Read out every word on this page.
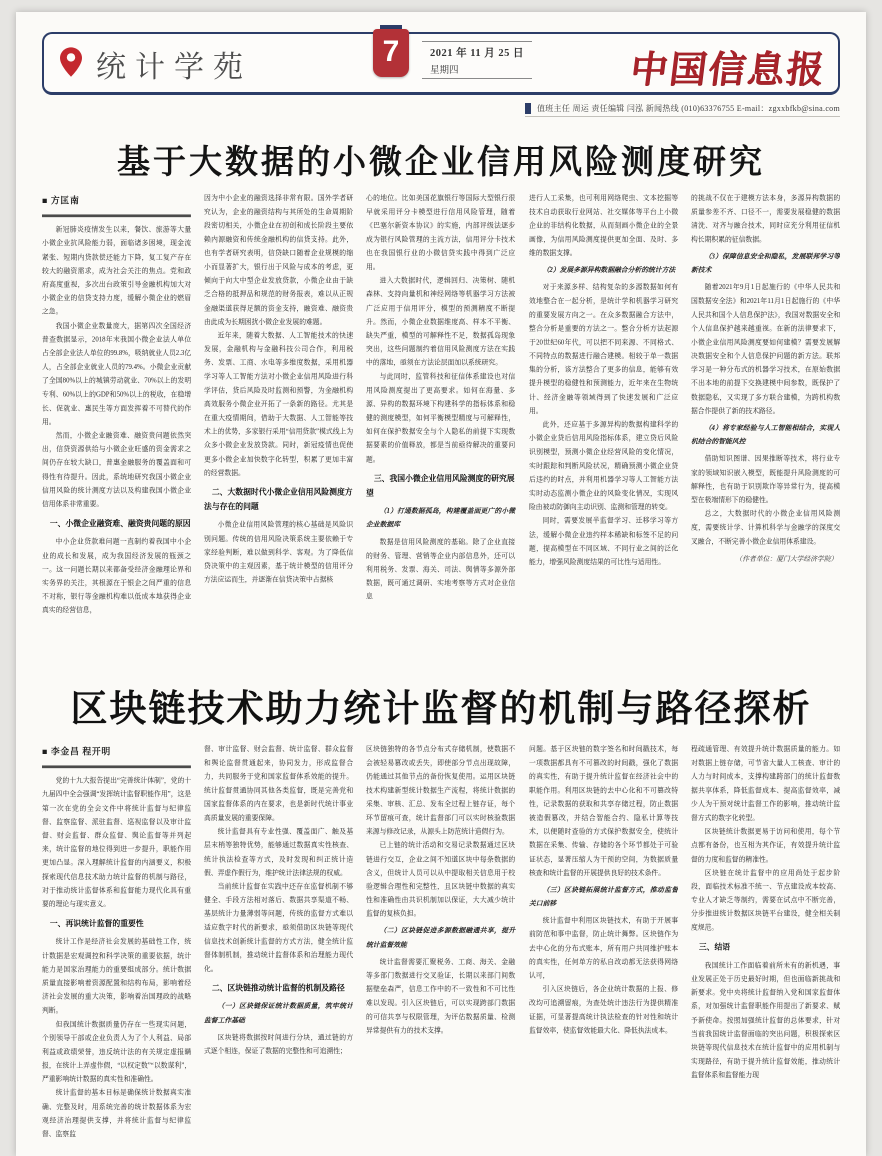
统计学苑	7	2021 年 11 月 25 日
星期四	中国信息报
值班主任 周运 责任编辑 闫泓 新闻热线 (010)63376755 E-mail：zgxxbfkb@sina.com
基于大数据的小微企业信用风险测度研究
■ 方匡南
新冠肺炎疫情发生以来，餐饮、旅游等大量小微企业抗风险能力弱，面临诸多困境，现金流紧张、短期内贷款偿还能力下降，复工复产存在较大的融资需求，成为社会关注的焦点。党和政府高度重视，多次出台政策引导金融机构加大对小微企业的信贷支持力度，缓解小微企业的燃眉之急。
我国小微企业数量庞大，据第四次全国经济普查数据显示，2018年末我国小微企业法人单位占全部企业法人单位的99.8%，吸纳就业人员2.3亿人，占全部企业就业人员的79.4%。小微企业贡献了全国80%以上的城镇劳动就业、70%以上的发明专利、60%以上的GDP和50%以上的税收，在稳增长、促就业、惠民生等方面发挥着不可替代的作用。
然而，小微企业融资难、融资贵问题依然突出，信贷资源供给与小微企业旺盛的资金需求之间仍存在较大缺口，普惠金融服务的覆盖面和可得性有待提升。因此，系统地研究我国小微企业信用风险的统计测度方法以及构建我国小微企业信用体系非常重要。
一、小微企业融资难、融资贵问题的原因
中小企业贷款难问题一直制约着我国中小企业的成长和发展，成为我国经济发展的瓶颈之一。这一问题长期以来都备受经济金融理论界和实务界的关注，其根源在于银企之间严重的信息不对称，银行等金融机构难以低成本地获得企业真实的经营信息，
因为中小企业的融资选择非常有限。国外学者研究认为，企业的融资结构与其所处的生命周期阶段密切相关，小微企业在初创和成长阶段主要依赖内源融资和传统金融机构的信贷支持。此外，也有学者研究表明，信贷缺口随着企业规模的缩小而显著扩大，银行出于风险与成本的考虑，更倾向于向大中型企业发放贷款，小微企业由于缺乏合格的抵押品和规范的财务报表，难以从正规金融渠道获得足额的资金支持，融资难、融资贵由此成为长期困扰小微企业发展的难题。
近年来，随着大数据、人工智能技术的快速发展，金融机构与金融科技公司合作，利用税务、发票、工商、水电等多维度数据，采用机器学习等人工智能方法对小微企业信用风险进行科学评估，贷后风险及时监测和预警，为金融机构高效服务小微企业开拓了一条新的路径。尤其是在重大疫情期间，借助于大数据、人工智能等技术上的优势，多家银行采用“信用贷款”模式线上为众多小微企业发放贷款。同时，新冠疫情也促使更多小微企业加快数字化转型，积累了更加丰富的经营数据。
二、大数据时代小微企业信用风险测度方法与存在的问题
小微企业信用风险管理的核心基础是风险识别问题。传统的信用风险决策系统主要依赖于专家经验判断，难以做到科学、客观。为了降低信贷决策中的主观因素，基于统计模型的信用评分方法应运而生，并逐渐在信贷决策中占据核
心的地位。比如美国花旗银行等国际大型银行很早就采用评分卡模型进行信用风险管理，随着《巴塞尔新资本协议》的实施，内部评级法逐步成为银行风险管理的主流方法，信用评分卡技术也在我国银行业的小微信贷实践中得到广泛应用。
进入大数据时代，逻辑回归、决策树、随机森林、支持向量机和神经网络等机器学习方法被广泛应用于信用评分，模型的预测精度不断提升。然而，小微企业数据维度高、样本不平衡、缺失严重，模型的可解释性不足，数据孤岛现象突出，这些问题制约着信用风险测度方法在实践中的落地，亟须在方法论层面加以系统研究。
与此同时，监管科技和征信体系建设也对信用风险测度提出了更高要求。如何在海量、多源、异构的数据环境下构建科学的指标体系和稳健的测度模型，如何平衡模型精度与可解释性，如何在保护数据安全与个人隐私的前提下实现数据要素的价值释放，都是当前亟待解决的重要问题。
三、我国小微企业信用风险测度的研究展望
（1）打通数据孤岛，构建覆盖面更广的小微企业数据库
数据是信用风险测度的基础。除了企业直接的财务、管理、营销等企业内部信息外，还可以利用税务、发票、海关、司法、舆情等多源外部数据，既可通过调研、实地考察等方式对企业信息
进行人工采集，也可利用网络爬虫、文本挖掘等技术自动获取行业网站、社交媒体等平台上小微企业的非结构化数据，从而刻画小微企业的全景画像，为信用风险测度提供更加全面、及时、多维的数据支撑。
（2）发展多源异构数据融合分析的统计方法
对于来源多样、结构复杂的多源数据如何有效地整合在一起分析，是统计学和机器学习研究的重要发展方向之一。在众多数据融合方法中，整合分析是重要的方法之一。整合分析方法起源于20世纪60年代，可以把不同来源、不同格式、不同特点的数据进行融合建模。相较于单一数据集的分析，该方法整合了更多的信息，能够有效提升模型的稳健性和预测能力，近年来在生物统计、经济金融等领域得到了快速发展和广泛应用。
此外，还应基于多源异构的数据构建科学的小微企业贷后信用风险指标体系，建立贷后风险识别模型，预测小微企业经营风险的变化情况，实时跟踪和判断风险状况，精确预测小微企业贷后违约的时点，并利用机器学习等人工智能方法实时动态监测小微企业的风险变化情况，实现风险由被动防御向主动识别、监测和管理的转变。
同时，需要发展半监督学习、迁移学习等方法，缓解小微企业违约样本稀缺和标签不足的问题，提高模型在不同区域、不同行业之间的泛化能力，增强风险测度结果的可比性与适用性。
的挑战不仅在于建模方法本身，多源异构数据的质量参差不齐、口径不一，需要发展稳健的数据清洗、对齐与融合技术，同时应充分利用征信机构长期积累的征信数据。
（3）保障信息安全和隐私，发展联邦学习等新技术
随着2021年9月1日起施行的《中华人民共和国数据安全法》和2021年11月1日起施行的《中华人民共和国个人信息保护法》，我国对数据安全和个人信息保护越来越重视。在新的法律要求下，小微企业信用风险测度要如何建模？需要发展解决数据安全和个人信息保护问题的新方法。联邦学习是一种分布式的机器学习技术，在原始数据不出本地的前提下交换建模中间参数，既保护了数据隐私，又实现了多方联合建模，为跨机构数据合作提供了新的技术路径。
（4）将专家经验与人工智能相结合，实现人机结合的智能风控
借助知识图谱、因果推断等技术，将行业专家的领域知识嵌入模型，既能提升风险测度的可解释性，也有助于识别欺诈等异常行为，提高模型在极端情形下的稳健性。
总之，大数据时代的小微企业信用风险测度，需要统计学、计算机科学与金融学的深度交叉融合，不断完善小微企业信用体系建设。
（作者单位：厦门大学经济学院）
区块链技术助力统计监督的机制与路径探析
■ 李金昌 程开明
党的十九大报告提出“完善统计体制”，党的十九届四中全会强调“发挥统计监督职能作用”，这是第一次在党的全会文件中将统计监督与纪律监督、监察监督、派驻监督、巡视监督以及审计监督、财会监督、群众监督、舆论监督等并列起来，统计监督的地位得到进一步提升，职能作用更加凸显。深入理解统计监督的内涵要义，积极探索现代信息技术助力统计监督的机制与路径，对于推动统计监督体系和监督能力现代化具有重要的理论与现实意义。
一、再识统计监督的重要性
统计工作是经济社会发展的基础性工作，统计数据是宏观调控和科学决策的重要依据，统计能力是国家治理能力的重要组成部分。统计数据质量直接影响着资源配置和结构布局，影响着经济社会发展的重大决策，影响着治国理政的战略判断。
但我国统计数据质量仍存在一些现实问题，个别领导干部或企业负责人为了个人利益、局部利益或政绩荣誉，违反统计法的有关规定虚报瞒报，在统计上弄虚作假，“以权定数”“以数谋利”，严重影响统计数据的真实性和准确性。
统计监督的基本目标是确保统计数据真实准确、完整及时，用系统完善的统计数据体系为宏观经济治理提供支撑，并将统计监督与纪律监督、监察监
督、审计监督、财会监督、统计监督、群众监督和舆论监督贯通起来，协同发力，形成监督合力，共同服务于党和国家监督体系效能的提升。统计监督贯通协同其他各类监督，既是完善党和国家监督体系的内在要求，也是新时代统计事业高质量发展的重要保障。
统计监督具有专业性强、覆盖面广、触及基层末梢等独特优势，能够通过数据真实性核查、统计执法检查等方式，及时发现和纠正统计造假、弄虚作假行为，维护统计法律法规的权威。
当前统计监督在实践中还存在监督机制不够健全、手段方法相对落后、数据共享渠道不畅、基层统计力量薄弱等问题，传统的监督方式难以适应数字时代的新要求，亟须借助区块链等现代信息技术创新统计监督的方式方法，健全统计监督体制机制，推动统计监督体系和治理能力现代化。
二、区块链推动统计监督的机制及路径
（一）区块链保证统计数据质量，筑牢统计监督工作基础
区块链将数据按时间进行分块，通过链的方式逐个相连，保证了数据的完整性和可追溯性；
区块链独特的各节点分布式存储机制，使数据不会被轻易篡改或丢失，即使部分节点出现故障，仍能通过其他节点的备份恢复使用。运用区块链技术构建新型统计数据生产流程，将统计数据的采集、审核、汇总、发布全过程上链存证，每个环节留痕可查，统计监督部门可以实时核验数据来源与修改记录，从源头上防范统计造假行为。
已上链的统计活动和交易记录数据通过区块链进行交互，企业之间不知道区块中每条数据的含义，但统计人员可以从中提取相关信息用于校验逻辑合理性和完整性，且区块链中数据的真实性和准确性由共识机制加以保证，大大减少统计监督的复核负担。
（二）区块链促进多源数据融通共享，提升统计监督效能
统计监督需要汇聚税务、工商、海关、金融等多部门数据进行交叉验证，长期以来部门间数据壁垒森严，信息工作中的不一致性和不可比性难以发现。引入区块链后，可以实现跨部门数据的可信共享与权限管理，为评估数据质量、检测异常提供有力的技术支撑。
问题。基于区块链的数字签名和时间戳技术，每一项数据都具有不可篡改的时间戳，强化了数据的真实性，有助于提升统计监督在经济社会中的职能作用。利用区块链的去中心化和不可篡改特性，记录数据的获取和共享存储过程，防止数据被造假篡改，并结合智能合约、隐私计算等技术，以便随时查验的方式保护数据安全，使统计数据在采集、传输、存储的各个环节都处于可验证状态，显著压缩人为干预的空间，为数据质量核查和统计监督的开展提供良好的技术条件。
（三）区块链拓展统计监督方式，推动监督关口前移
统计监督中利用区块链技术，有助于开展事前防范和事中监督，防止统计舞弊。区块链作为去中心化的分布式账本，所有用户共同维护账本的真实性，任何单方的私自改动都无法获得网络认可，
引入区块链后，各企业统计数据的上报、修改均可追溯留痕，为查处统计违法行为提供精准证据，可显著提高统计执法检查的针对性和统计监督效率，使监督效能最大化、降低执法成本。
程疏通管理、有效提升统计数据质量的能力。如对数据上链存储，可节省大量人工核查、审计的人力与时间成本，支撑构建跨部门的统计监督数据共享体系，降低监督成本、提高监督效率，减少人为干预对统计监督工作的影响，推动统计监督方式的数字化转型。
区块链统计数据更易于访问和使用，每个节点都有备份，也互相为其作证，有效提升统计监督的力度和监督的精准性。
区块链在统计监督中的应用尚处于起步阶段，面临技术标准不统一、节点建设成本较高、专业人才缺乏等制约，需要在试点中不断完善，分步推进统计数据区块链平台建设，健全相关制度规范。
三、结语
我国统计工作面临着前所未有的新机遇，事业发展正处于历史最好时期，但也面临新挑战和新要求。党中央将统计监督纳入党和国家监督体系，对加强统计监督职能作用提出了新要求、赋予新使命。按照加强统计监督的总体要求，针对当前我国统计监督面临的突出问题，积极探索区块链等现代信息技术在统计监督中的应用机制与实现路径，有助于提升统计监督效能，推动统计监督体系和监督能力现
